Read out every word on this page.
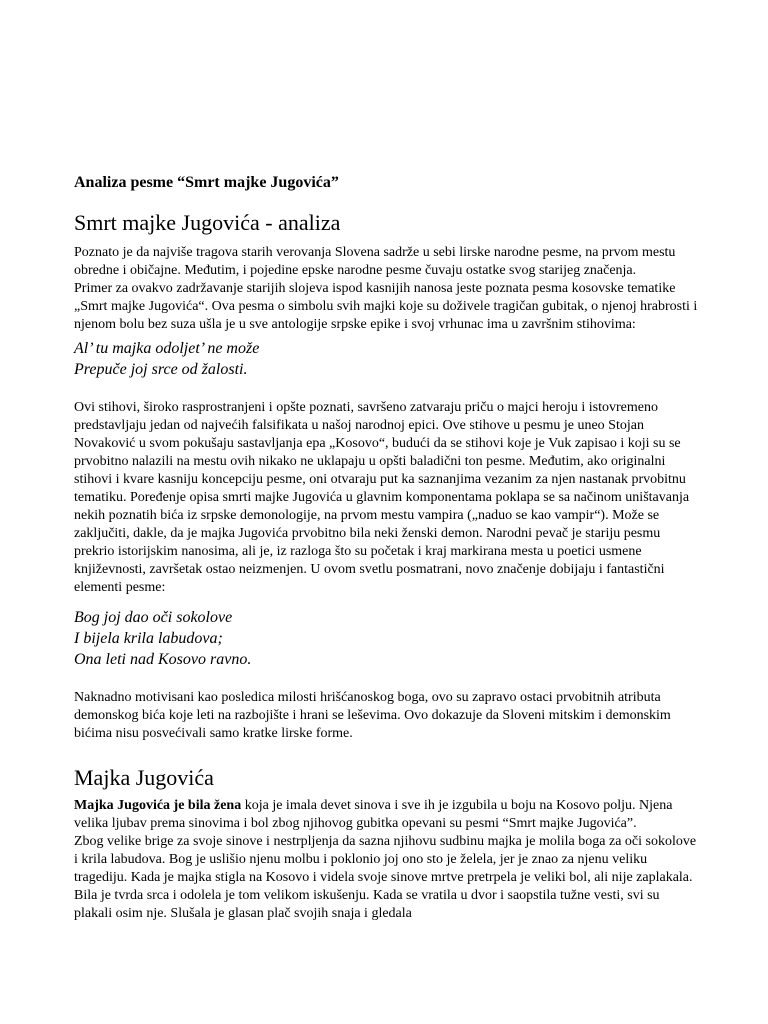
Analiza pesme “Smrt majke Jugovića”
Smrt majke Jugovića - analiza

Poznato je da najviše tragova starih verovanja Slovena sadrže u sebi lirske narodne pesme, na prvom mestu obredne i običajne. Međutim, i pojedine epske narodne pesme čuvaju ostatke svog starijeg značenja.

Primer za ovakvo zadržavanje starijih slojeva ispod kasnijih nanosa jeste poznata pesma kosovske tematike „Smrt majke Jugovića“. Ova pesma o simbolu svih majki koje su doživele tragičan gubitak, o njenoj hrabrosti i njenom bolu bez suza ušla je u sve antologije srpske epike i svoj vrhunac ima u završnim stihovima:

Al’ tu majka odoljet’ ne može
Prepuče joj srce od žalosti.

Ovi stihovi, široko rasprostranjeni i opšte poznati, savršeno zatvaraju priču o majci heroju i istovremeno predstavljaju jedan od najvećih falsifikata u našoj narodnoj epici. Ove stihove u pesmu je uneo Stojan Novaković u svom pokušaju sastavljanja epa „Kosovo“, budući da se stihovi koje je Vuk zapisao i koji su se prvobitno nalazili na mestu ovih nikako ne uklapaju u opšti baladični ton pesme. Međutim, ako originalni stihovi i kvare kasniju koncepciju pesme, oni otvaraju put ka saznanjima vezanim za njen nastanak prvobitnu tematiku. Poređenje opisa smrti majke Jugovića u glavnim komponentama poklapa se sa načinom uništavanja nekih poznatih bića iz srpske demonologije, na prvom mestu vampira („naduo se kao vampir“). Može se zaključiti, dakle, da je majka Jugovića prvobitno bila neki ženski demon. Narodni pevač je stariju pesmu prekrio istorijskim nanosima, ali je, iz razloga što su početak i kraj markirana mesta u poetici usmene književnosti, završetak ostao neizmenjen. U ovom svetlu posmatrani, novo značenje dobijaju i fantastični elementi pesme:

Bog joj dao oči sokolove
I bijela krila labudova;
Ona leti nad Kosovo ravno.

Naknadno motivisani kao posledica milosti hrišćanoskog boga, ovo su zapravo ostaci prvobitnih atributa demonskog bića koje leti na razbojište i hrani se leševima. Ovo dokazuje da Sloveni mitskim i demonskim bićima nisu posvećivali samo kratke lirske forme.

Majka Jugovića

Majka Jugovića je bila žena koja je imala devet sinova i sve ih je izgubila u boju na Kosovo polju. Njena velika ljubav prema sinovima i bol zbog njihovog gubitka opevani su pesmi “Smrt majke Jugovića”.

Zbog velike brige za svoje sinove i nestrpljenja da sazna njihovu sudbinu majka je molila boga za oči sokolove i krila labudova. Bog je uslišio njenu molbu i poklonio joj ono sto je želela, jer je znao za njenu veliku tragediju. Kada je majka stigla na Kosovo i videla svoje sinove mrtve pretrpela je veliki bol, ali nije zaplakala. Bila je tvrda srca i odolela je tom velikom iskušenju. Kada se vratila u dvor i saopstila tužne vesti, svi su plakali osim nje. Slušala je glasan plač svojih snaja i gledala
